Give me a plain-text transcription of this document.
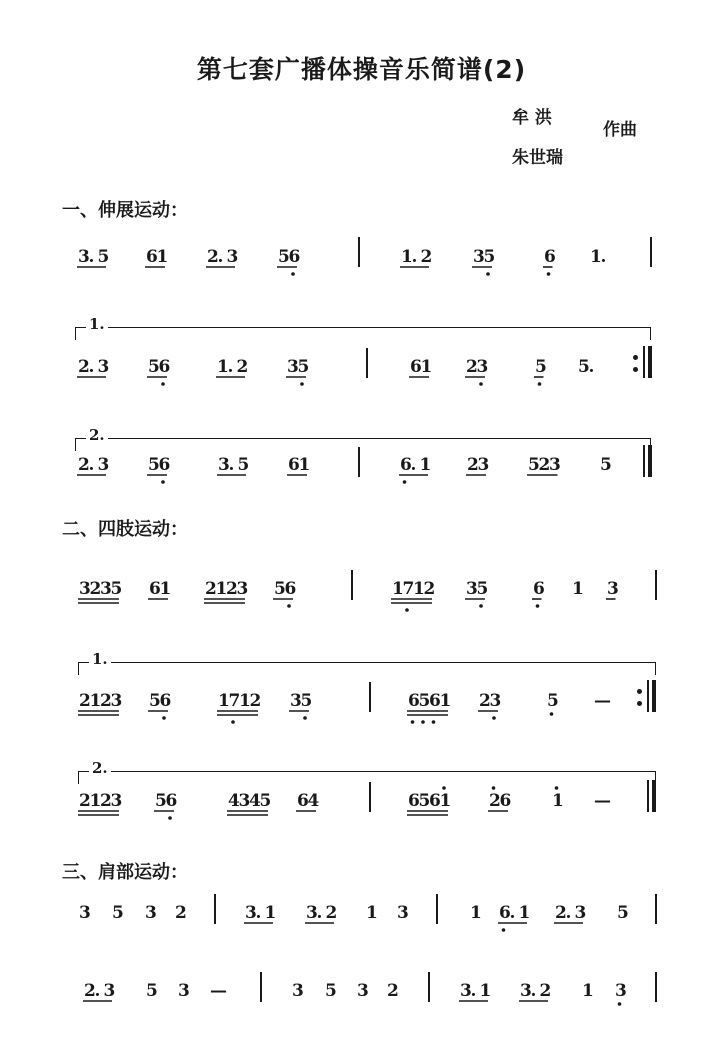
第七套广播体操音乐简谱(2)
牟 洪
朱世瑞
作曲
一、伸展运动：
二、四肢运动：
三、肩部运动：
1.
2.
1.
2.
3
. 5 6
1 2
. 3 5
6	1
. 2 3
5	6 1
.
2
. 3 5
6	1
. 2 3
5	6
1 2
3	5 5
.
2
. 3 5
6	3
. 5 6
1	6
. 1 2
3 5
2
3 5
3
2
3
5 6
1 2
1
2
3 5
6	1
7
1
2 3
5	6 1 3
2
1
2
3 5
6	1
7
1
2 3
5	6
5
6
1 2
3	5 —
2
1
2
3 5
6	4
3
4
5 6
4	6
5
6
1 2
6 1 —
3 5 3 2	3
. 1 3
. 2 1 3	1 6
. 1 2
. 3 5
2
. 3 5 3 —	3 5 3 2	3
. 1 3
. 2 1 3
